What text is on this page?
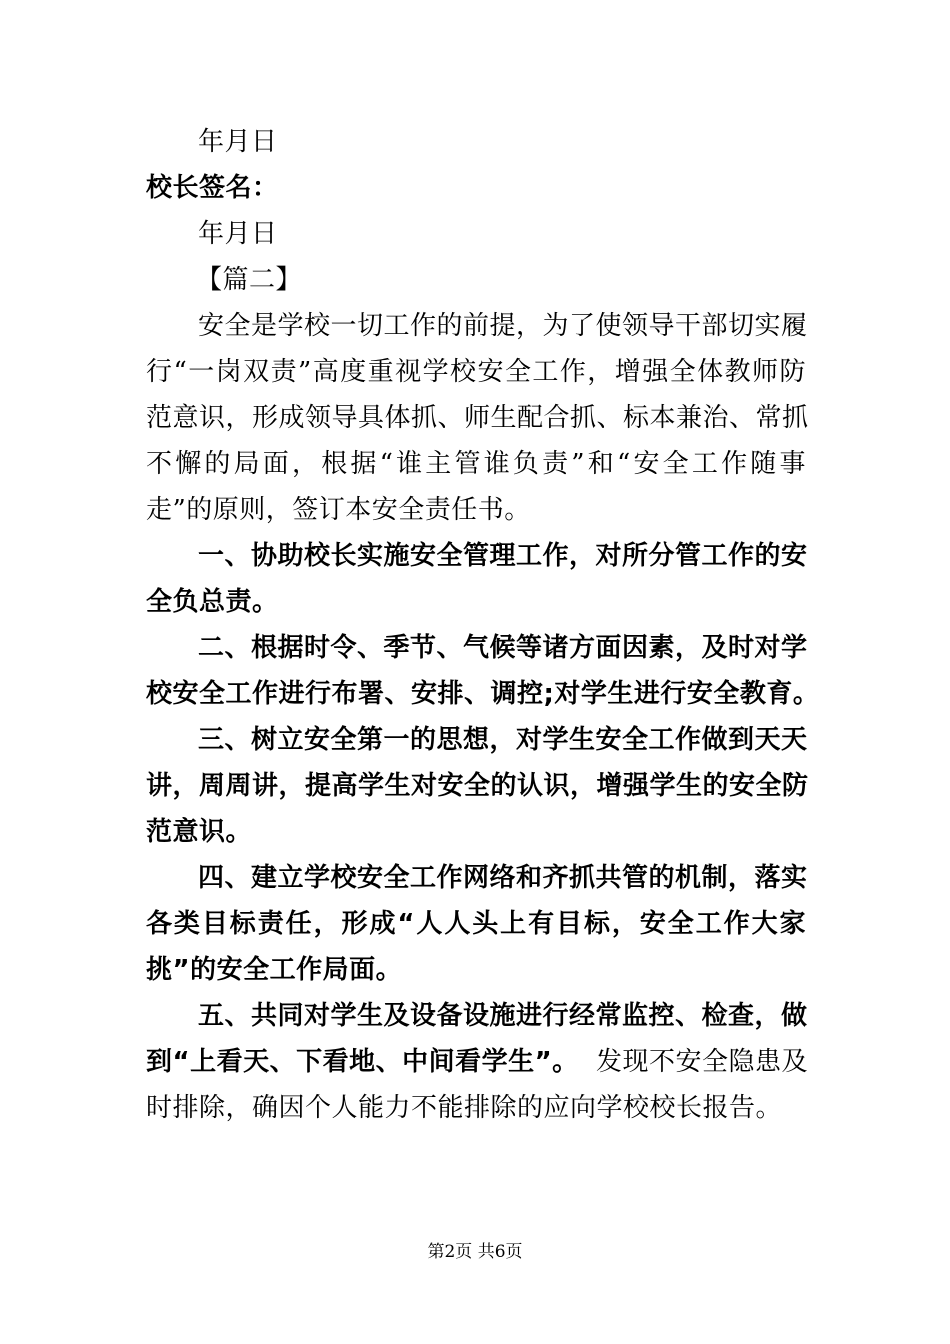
年月日
校长签名：
年月日
【篇二】
安全是学校一切工作的前提，为了使领导干部切实履
行“一岗双责”高度重视学校安全工作，增强全体教师防
范意识，形成领导具体抓、师生配合抓、标本兼治、常抓
不懈的局面，根据“谁主管谁负责”和“安全工作随事
走”的原则，签订本安全责任书。
一、协助校长实施安全管理工作，对所分管工作的安
全负总责。
二、根据时令、季节、气候等诸方面因素，及时对学
校安全工作进行布署、安排、调控;对学生进行安全教育。
三、树立安全第一的思想，对学生安全工作做到天天
讲，周周讲，提高学生对安全的认识，增强学生的安全防
范意识。
四、建立学校安全工作网络和齐抓共管的机制，落实
各类目标责任，形成“人人头上有目标，安全工作大家
挑”的安全工作局面。
五、共同对学生及设备设施进行经常监控、检查，做
到“上看天、下看地、中间看学生”。 发现不安全隐患及
时排除，确因个人能力不能排除的应向学校校长报告。
第2页 共6页
